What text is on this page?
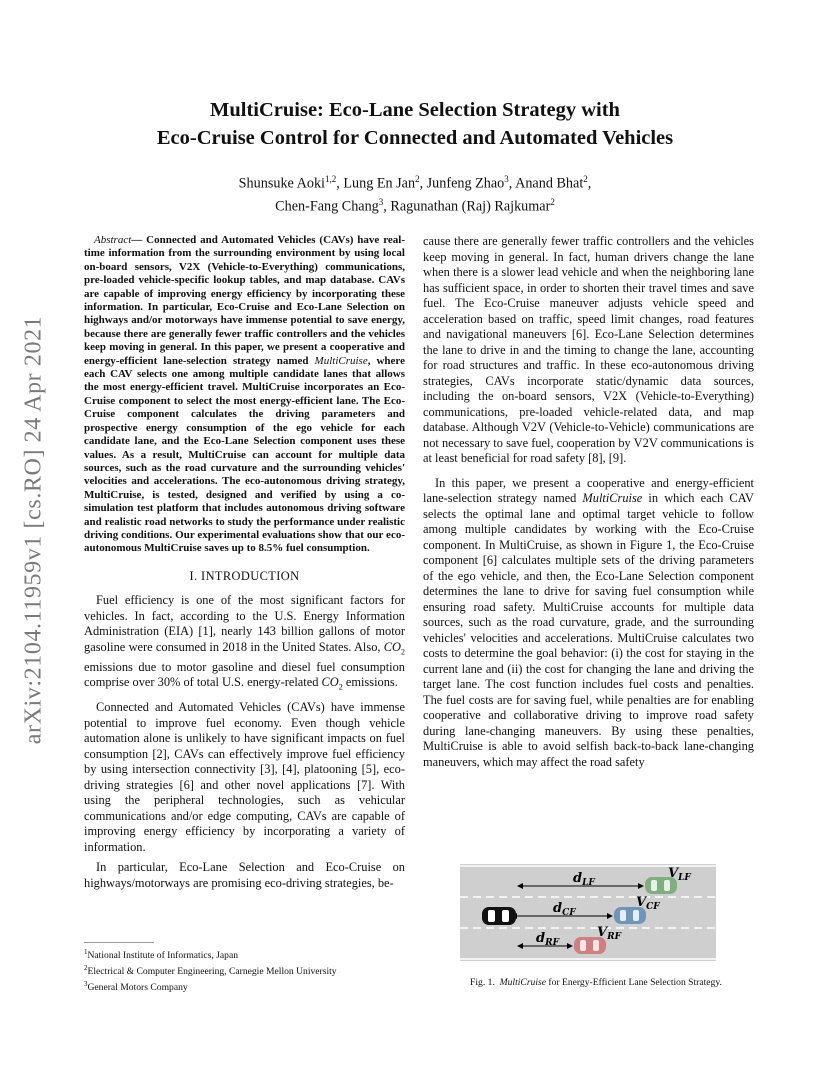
arXiv:2104.11959v1 [cs.RO] 24 Apr 2021
MultiCruise: Eco-Lane Selection Strategy with
Eco-Cruise Control for Connected and Automated Vehicles
Shunsuke Aoki$^{1,2}$, Lung En Jan$^2$, Junfeng Zhao$^3$, Anand Bhat$^2$,
Chen-Fang Chang$^3$, Ragunathan (Raj) Rajkumar$^2$

Abstract— Connected and Automated Vehicles (CAVs) have real-time information from the surrounding environment by using local on-board sensors, V2X (Vehicle-to-Everything) communications, pre-loaded vehicle-specific lookup tables, and map database. CAVs are capable of improving energy efficiency by incorporating these information. In particular, Eco-Cruise and Eco-Lane Selection on highways and/or motorways have immense potential to save energy, because there are generally fewer traffic controllers and the vehicles keep moving in general. In this paper, we present a cooperative and energy-efficient lane-selection strategy named MultiCruise, where each CAV selects one among multiple candidate lanes that allows the most energy-efficient travel. MultiCruise incorporates an Eco-Cruise component to select the most energy-efficient lane. The Eco-Cruise component calculates the driving parameters and prospective energy consumption of the ego vehicle for each candidate lane, and the Eco-Lane Selection component uses these values. As a result, MultiCruise can account for multiple data sources, such as the road curvature and the surrounding vehicles' velocities and accelerations. The eco-autonomous driving strategy, MultiCruise, is tested, designed and verified by using a co-simulation test platform that includes autonomous driving software and realistic road networks to study the performance under realistic driving conditions. Our experimental evaluations show that our eco-autonomous MultiCruise saves up to 8.5% fuel consumption.

I. INTRODUCTION

Fuel efficiency is one of the most significant factors for vehicles. In fact, according to the U.S. Energy Information Administration (EIA) [1], nearly 143 billion gallons of motor gasoline were consumed in 2018 in the United States. Also, $CO_2$ emissions due to motor gasoline and diesel fuel consumption comprise over 30% of total U.S. energy-related $CO_2$ emissions.

Connected and Automated Vehicles (CAVs) have immense potential to improve fuel economy. Even though vehicle automation alone is unlikely to have significant impacts on fuel consumption [2], CAVs can effectively improve fuel efficiency by using intersection connectivity [3], [4], platooning [5], eco-driving strategies [6] and other novel applications [7]. With using the peripheral technologies, such as vehicular communications and/or edge computing, CAVs are capable of improving energy efficiency by incorporating a variety of information.

In particular, Eco-Lane Selection and Eco-Cruise on highways/motorways are promising eco-driving strategies, be-

cause there are generally fewer traffic controllers and the vehicles keep moving in general. In fact, human drivers change the lane when there is a slower lead vehicle and when the neighboring lane has sufficient space, in order to shorten their travel times and save fuel. The Eco-Cruise maneuver adjusts vehicle speed and acceleration based on traffic, speed limit changes, road features and navigational maneuvers [6]. Eco-Lane Selection determines the lane to drive in and the timing to change the lane, accounting for road structures and traffic. In these eco-autonomous driving strategies, CAVs incorporate static/dynamic data sources, including the on-board sensors, V2X (Vehicle-to-Everything) communications, pre-loaded vehicle-related data, and map database. Although V2V (Vehicle-to-Vehicle) communications are not necessary to save fuel, cooperation by V2V communications is at least beneficial for road safety [8], [9].

In this paper, we present a cooperative and energy-efficient lane-selection strategy named MultiCruise in which each CAV selects the optimal lane and optimal target vehicle to follow among multiple candidates by working with the Eco-Cruise component. In MultiCruise, as shown in Figure 1, the Eco-Cruise component [6] calculates multiple sets of the driving parameters of the ego vehicle, and then, the Eco-Lane Selection component determines the lane to drive for saving fuel consumption while ensuring road safety. MultiCruise accounts for multiple data sources, such as the road curvature, grade, and the surrounding vehicles' velocities and accelerations. MultiCruise calculates two costs to determine the goal behavior: (i) the cost for staying in the current lane and (ii) the cost for changing the lane and driving the target lane. The cost function includes fuel costs and penalties. The fuel costs are for saving fuel, while penalties are for enabling cooperative and collaborative driving to improve road safety during lane-changing maneuvers. By using these penalties, MultiCruise is able to avoid selfish back-to-back lane-changing maneuvers, which may affect the road safety

$^1$National Institute of Informatics, Japan
$^2$Electrical & Computer Engineering, Carnegie Mellon University
$^3$General Motors Company
$d_{LF}$
$V_{LF}$
$d_{CF}$
$V_{CF}$
$d_{RF}$
$V_{RF}$
Fig. 1. MultiCruise for Energy-Efficient Lane Selection Strategy.
